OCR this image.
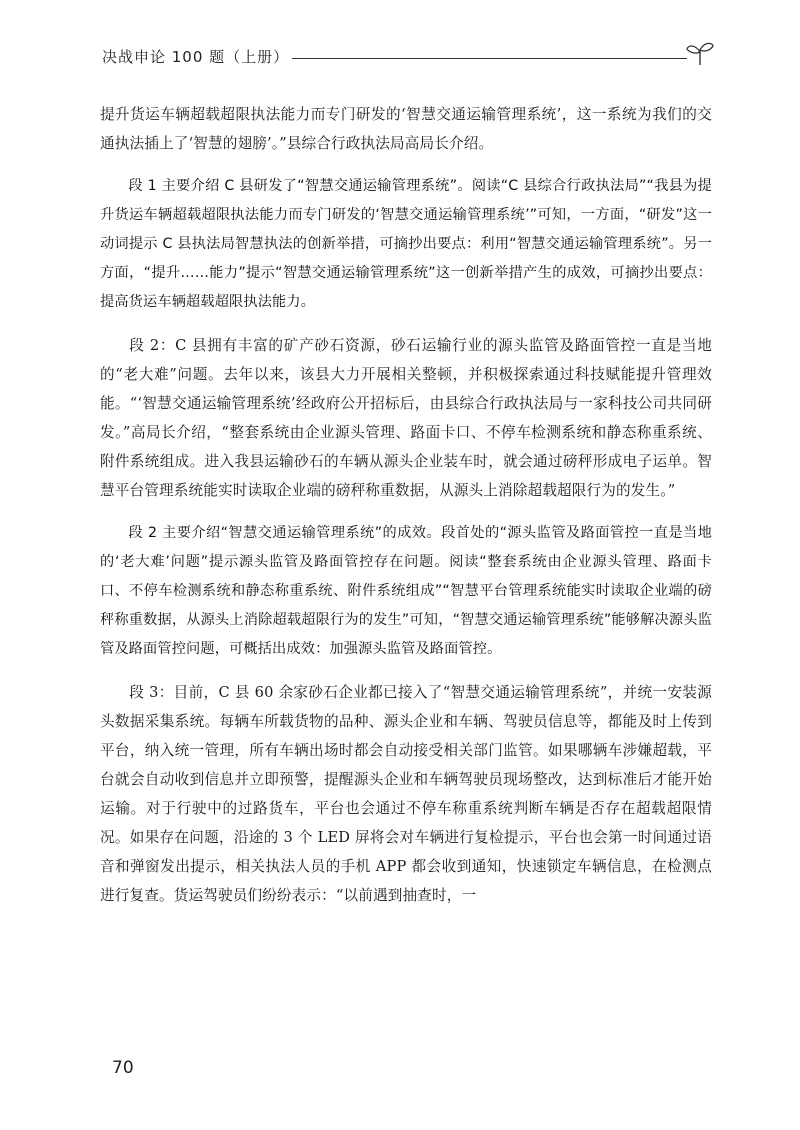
决战申论 100 题（上册）

提升货运车辆超载超限执法能力而专门研发的‘智慧交通运输管理系统’，这一系统为我们的交通执法插上了‘智慧的翅膀’。”县综合行政执法局高局长介绍。

段 1 主要介绍 C 县研发了“智慧交通运输管理系统”。阅读“C 县综合行政执法局”“我县为提升货运车辆超载超限执法能力而专门研发的‘智慧交通运输管理系统’”可知，一方面，“研发”这一动词提示 C 县执法局智慧执法的创新举措，可摘抄出要点：利用“智慧交通运输管理系统”。另一方面，“提升……能力”提示“智慧交通运输管理系统”这一创新举措产生的成效，可摘抄出要点：提高货运车辆超载超限执法能力。

段 2：C 县拥有丰富的矿产砂石资源，砂石运输行业的源头监管及路面管控一直是当地的“老大难”问题。去年以来，该县大力开展相关整顿，并积极探索通过科技赋能提升管理效能。“‘智慧交通运输管理系统’经政府公开招标后，由县综合行政执法局与一家科技公司共同研发。”高局长介绍，“整套系统由企业源头管理、路面卡口、不停车检测系统和静态称重系统、附件系统组成。进入我县运输砂石的车辆从源头企业装车时，就会通过磅秤形成电子运单。智慧平台管理系统能实时读取企业端的磅秤称重数据，从源头上消除超载超限行为的发生。”

段 2 主要介绍“智慧交通运输管理系统”的成效。段首处的“源头监管及路面管控一直是当地的‘老大难’问题”提示源头监管及路面管控存在问题。阅读“整套系统由企业源头管理、路面卡口、不停车检测系统和静态称重系统、附件系统组成”“智慧平台管理系统能实时读取企业端的磅秤称重数据，从源头上消除超载超限行为的发生”可知，“智慧交通运输管理系统”能够解决源头监管及路面管控问题，可概括出成效：加强源头监管及路面管控。

段 3：目前，C 县 60 余家砂石企业都已接入了“智慧交通运输管理系统”，并统一安装源头数据采集系统。每辆车所载货物的品种、源头企业和车辆、驾驶员信息等，都能及时上传到平台，纳入统一管理，所有车辆出场时都会自动接受相关部门监管。如果哪辆车涉嫌超载，平台就会自动收到信息并立即预警，提醒源头企业和车辆驾驶员现场整改，达到标准后才能开始运输。对于行驶中的过路货车，平台也会通过不停车称重系统判断车辆是否存在超载超限情况。如果存在问题，沿途的 3 个 LED 屏将会对车辆进行复检提示，平台也会第一时间通过语音和弹窗发出提示，相关执法人员的手机 APP 都会收到通知，快速锁定车辆信息，在检测点进行复查。货运驾驶员们纷纷表示：“以前遇到抽查时，一

70
